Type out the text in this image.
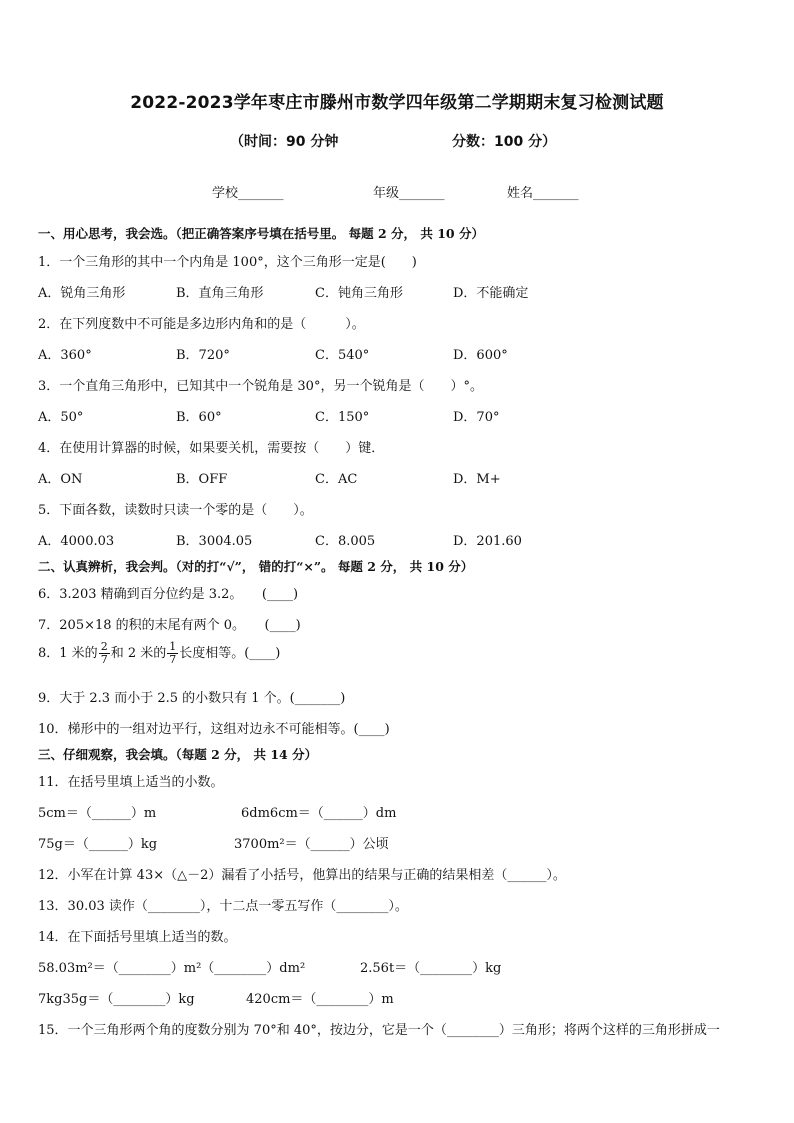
2022-2023学年枣庄市滕州市数学四年级第二学期期末复习检测试题
（时间：90 分钟	分数：100 分）
学校_______	年级_______	姓名_______
一、用心思考，我会选。（把正确答案序号填在括号里。 每题 2 分， 共 10 分）
1．一个三角形的其中一个内角是 100°，这个三角形一定是(　　)
A．锐角三角形	B．直角三角形	C．钝角三角形	D．不能确定
2．在下列度数中不可能是多边形内角和的是（　　　）。
A．360°	B．720°	C．540°	D．600°
3．一个直角三角形中，已知其中一个锐角是 30°，另一个锐角是（　　）°。
A．50°	B．60°	C．150°	D．70°
4．在使用计算器的时候，如果要关机，需要按（　　）键．
A．ON	B．OFF	C．AC	D．M+
5．下面各数，读数时只读一个零的是（　　）。
A．4000.03	B．3004.05	C．8.005	D．201.60
二、认真辨析，我会判。（对的打“√”， 错的打“×”。 每题 2 分， 共 10 分）
6．3.203 精确到百分位约是 3.2。　　(____)
7．205×18 的积的末尾有两个 0。　　(____)
8．1 米的 $\frac{2}{7}$ 和 2 米的 $\frac{1}{7}$ 长度相等。(____)
9．大于 2.3 而小于 2.5 的小数只有 1 个。(_______)
10．梯形中的一组对边平行，这组对边永不可能相等。(____)
三、仔细观察，我会填。（每题 2 分， 共 14 分）
11．在括号里填上适当的小数。
5cm＝（______）m	6dm6cm＝（______）dm
75g＝（______）kg	3700m²＝（______）公顷
12．小军在计算 43×（△－2）漏看了小括号，他算出的结果与正确的结果相差（______）。
13．30.03 读作（________），十二点一零五写作（________）。
14．在下面括号里填上适当的数。
58.03m²＝（________）m²（________）dm²	2.56t＝（________）kg
7kg35g＝（________）kg	420cm＝（________）m
15．一个三角形两个角的度数分别为 70°和 40°，按边分，它是一个（________）三角形；将两个这样的三角形拼成一
